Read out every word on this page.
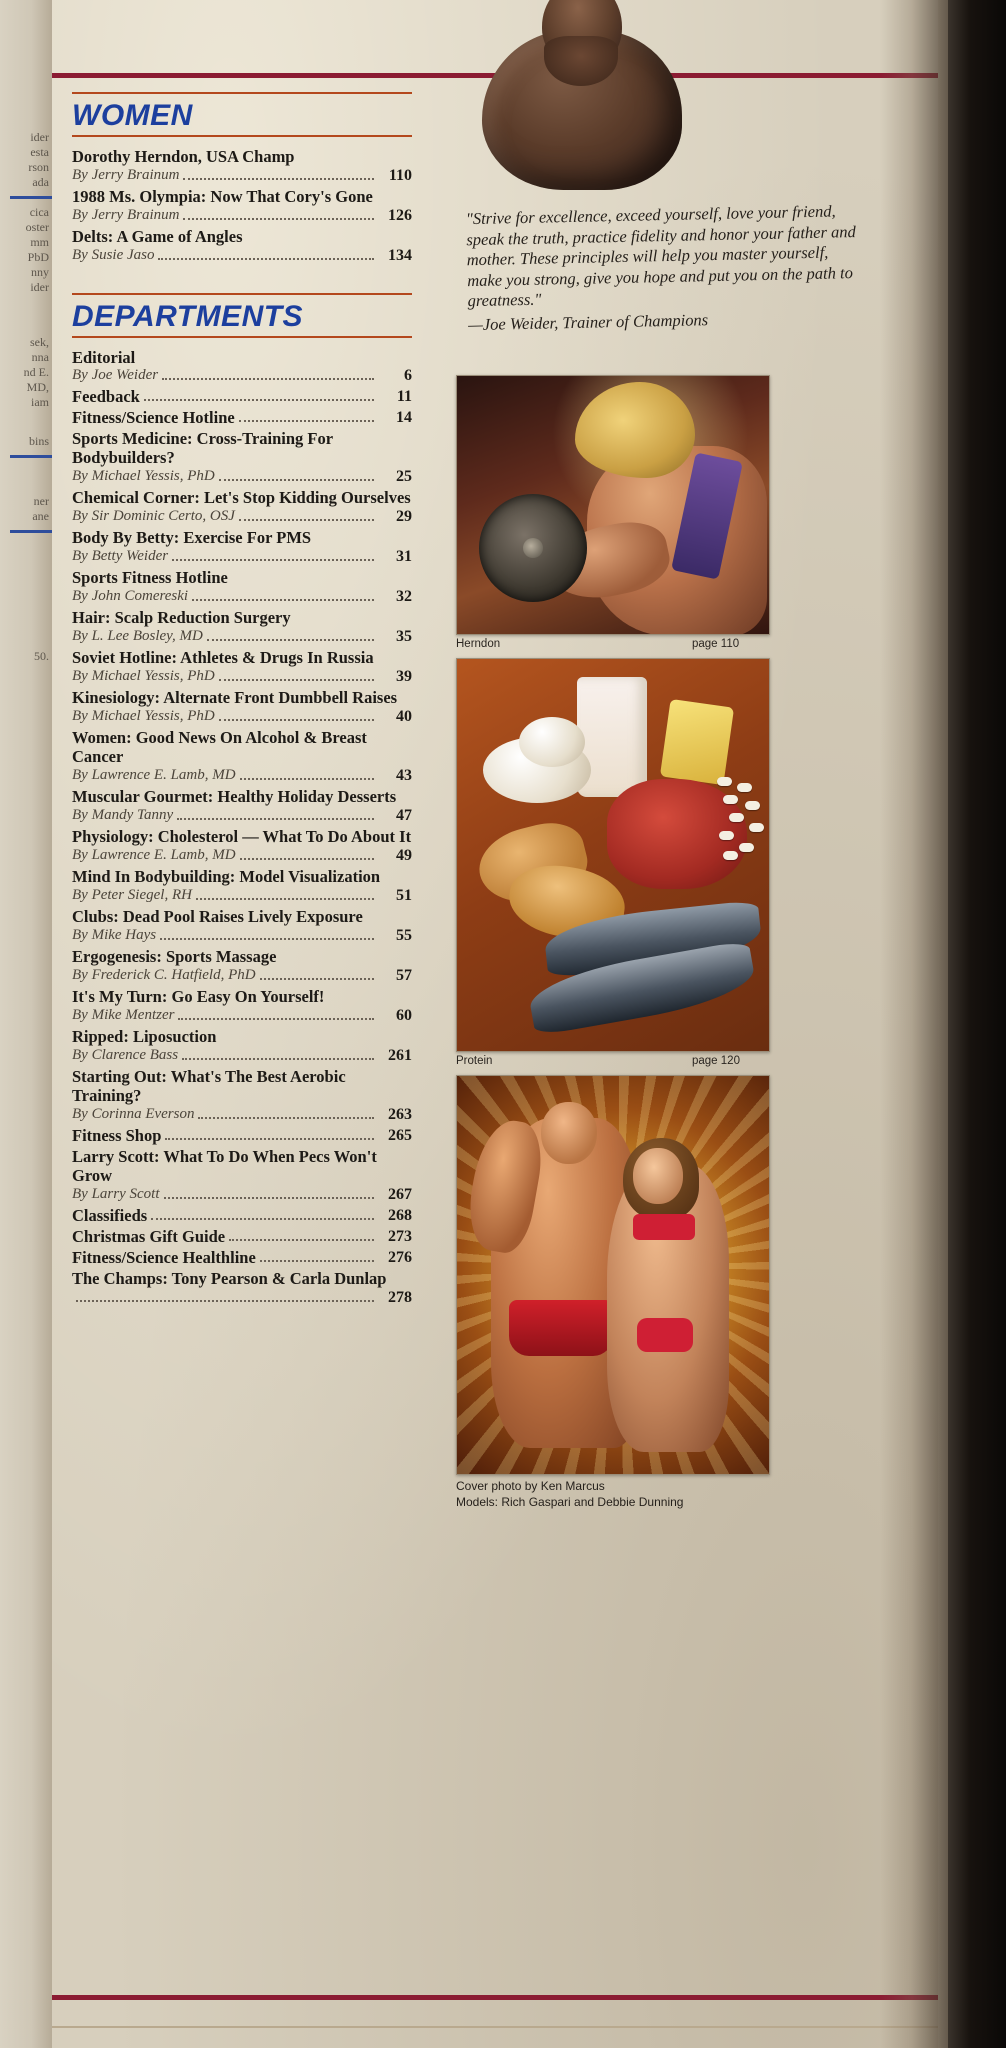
ider
esta
rson
ada
cica
oster
mm
PbD
nny
ider
sek,
nna
nd E.
MD,
iam
bins
ner
ane
50.
WOMEN
Dorothy Herndon, USA Champ
By Jerry Brainum	110
1988 Ms. Olympia: Now That Cory's Gone
By Jerry Brainum	126
Delts: A Game of Angles
By Susie Jaso	134
DEPARTMENTS
Editorial
By Joe Weider	6
Feedback	11
Fitness/Science Hotline	14
Sports Medicine: Cross-Training For Bodybuilders?
By Michael Yessis, PhD	25
Chemical Corner: Let's Stop Kidding Ourselves
By Sir Dominic Certo, OSJ	29
Body By Betty: Exercise For PMS
By Betty Weider	31
Sports Fitness Hotline
By John Comereski	32
Hair: Scalp Reduction Surgery
By L. Lee Bosley, MD	35
Soviet Hotline: Athletes & Drugs In Russia
By Michael Yessis, PhD	39
Kinesiology: Alternate Front Dumbbell Raises
By Michael Yessis, PhD	40
Women: Good News On Alcohol & Breast Cancer
By Lawrence E. Lamb, MD	43
Muscular Gourmet: Healthy Holiday Desserts
By Mandy Tanny	47
Physiology: Cholesterol — What To Do About It
By Lawrence E. Lamb, MD	49
Mind In Bodybuilding: Model Visualization
By Peter Siegel, RH	51
Clubs: Dead Pool Raises Lively Exposure
By Mike Hays	55
Ergogenesis: Sports Massage
By Frederick C. Hatfield, PhD	57
It's My Turn: Go Easy On Yourself!
By Mike Mentzer	60
Ripped: Liposuction
By Clarence Bass	261
Starting Out: What's The Best Aerobic Training?
By Corinna Everson	263
Fitness Shop	265
Larry Scott: What To Do When Pecs Won't Grow
By Larry Scott	267
Classifieds	268
Christmas Gift Guide	273
Fitness/Science Healthline	276
The Champs: Tony Pearson & Carla Dunlap
278
"Strive for excellence, exceed yourself, love your friend, speak the truth, practice fidelity and honor your father and mother. These principles will help you master yourself, make you strong, give you hope and put you on the path to greatness."
—Joe Weider, Trainer of Champions
Herndon	page 110
Protein	page 120
Cover photo by Ken Marcus
Models: Rich Gaspari and Debbie Dunning
